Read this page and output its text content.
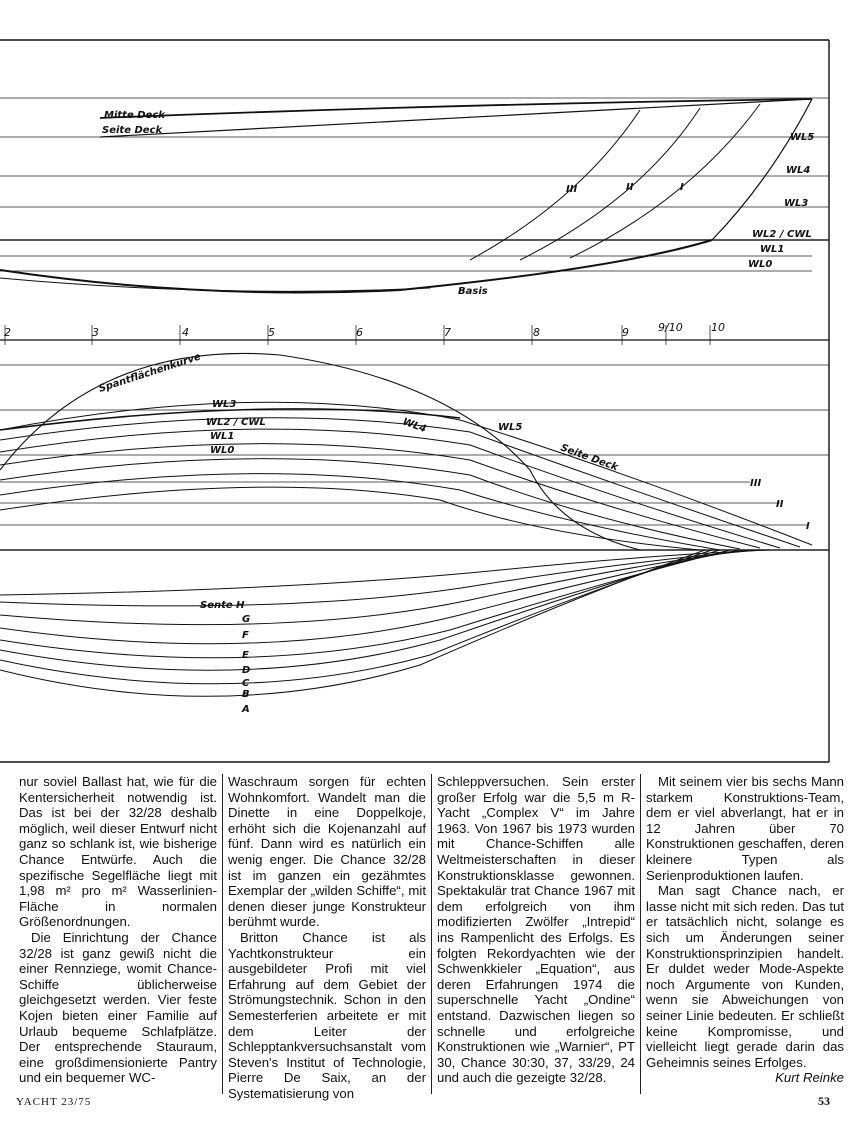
Mitte Deck
Seite Deck
Basis
WL5
WL4
WL3
WL2 / CWL
WL1
WL0
III	II	I
2	3	4	5	6	7	8	9	9/10	10
Spantflächenkurve
WL3
WL2 / CWL
WL1
WL0
WL4	WL5
Seite Deck
III
II
I
Sente H
G
F
E
D
C
B
A

nur soviel Ballast hat, wie für die Kentersicherheit notwendig ist. Das ist bei der 32/28 deshalb möglich, weil dieser Entwurf nicht ganz so schlank ist, wie bisherige Chance Entwürfe. Auch die spezifische Segelfläche liegt mit 1,98 m² pro m² Wasserlinien-Fläche in normalen Größenordnungen.

Die Einrichtung der Chance 32/28 ist ganz gewiß nicht die einer Rennziege, womit Chance-Schiffe üblicherweise gleichgesetzt werden. Vier feste Kojen bieten einer Familie auf Urlaub bequeme Schlafplätze. Der entsprechende Stauraum, eine großdimensionierte Pantry und ein bequemer WC-

Waschraum sorgen für echten Wohnkomfort. Wandelt man die Dinette in eine Doppelkoje, erhöht sich die Kojenanzahl auf fünf. Dann wird es natürlich ein wenig enger. Die Chance 32/28 ist im ganzen ein gezähmtes Exemplar der „wilden Schiffe“, mit denen dieser junge Konstrukteur berühmt wurde.

Britton Chance ist als Yachtkonstrukteur ein ausgebildeter Profi mit viel Erfahrung auf dem Gebiet der Strömungstechnik. Schon in den Semesterferien arbeitete er mit dem Leiter der Schlepptankversuchsanstalt vom Steven's Institut of Technologie, Pierre De Saix, an der Systematisierung von

Schleppversuchen. Sein erster großer Erfolg war die 5,5 m R-Yacht „Complex V“ im Jahre 1963. Von 1967 bis 1973 wurden mit Chance-Schiffen alle Weltmeisterschaften in dieser Konstruktionsklasse gewonnen. Spektakulär trat Chance 1967 mit dem erfolgreich von ihm modifizierten Zwölfer „Intrepid“ ins Rampenlicht des Erfolgs. Es folgten Rekordyachten wie der Schwenkkieler „Equation“, aus deren Erfahrungen 1974 die superschnelle Yacht „Ondine“ entstand. Dazwischen liegen so schnelle und erfolgreiche Konstruktionen wie „Warnier“, PT 30, Chance 30:30, 37, 33/29, 24 und auch die gezeigte 32/28.

Mit seinem vier bis sechs Mann starkem Konstruktions-Team, dem er viel abverlangt, hat er in 12 Jahren über 70 Konstruktionen geschaffen, deren kleinere Typen als Serienproduktionen laufen.

Man sagt Chance nach, er lasse nicht mit sich reden. Das tut er tatsächlich nicht, solange es sich um Änderungen seiner Konstruktionsprinzipien handelt. Er duldet weder Mode-Aspekte noch Argumente von Kunden, wenn sie Abweichungen von seiner Linie bedeuten. Er schließt keine Kompromisse, und vielleicht liegt gerade darin das Geheimnis seines Erfolges.

Kurt Reinke

YACHT 23/75	53
